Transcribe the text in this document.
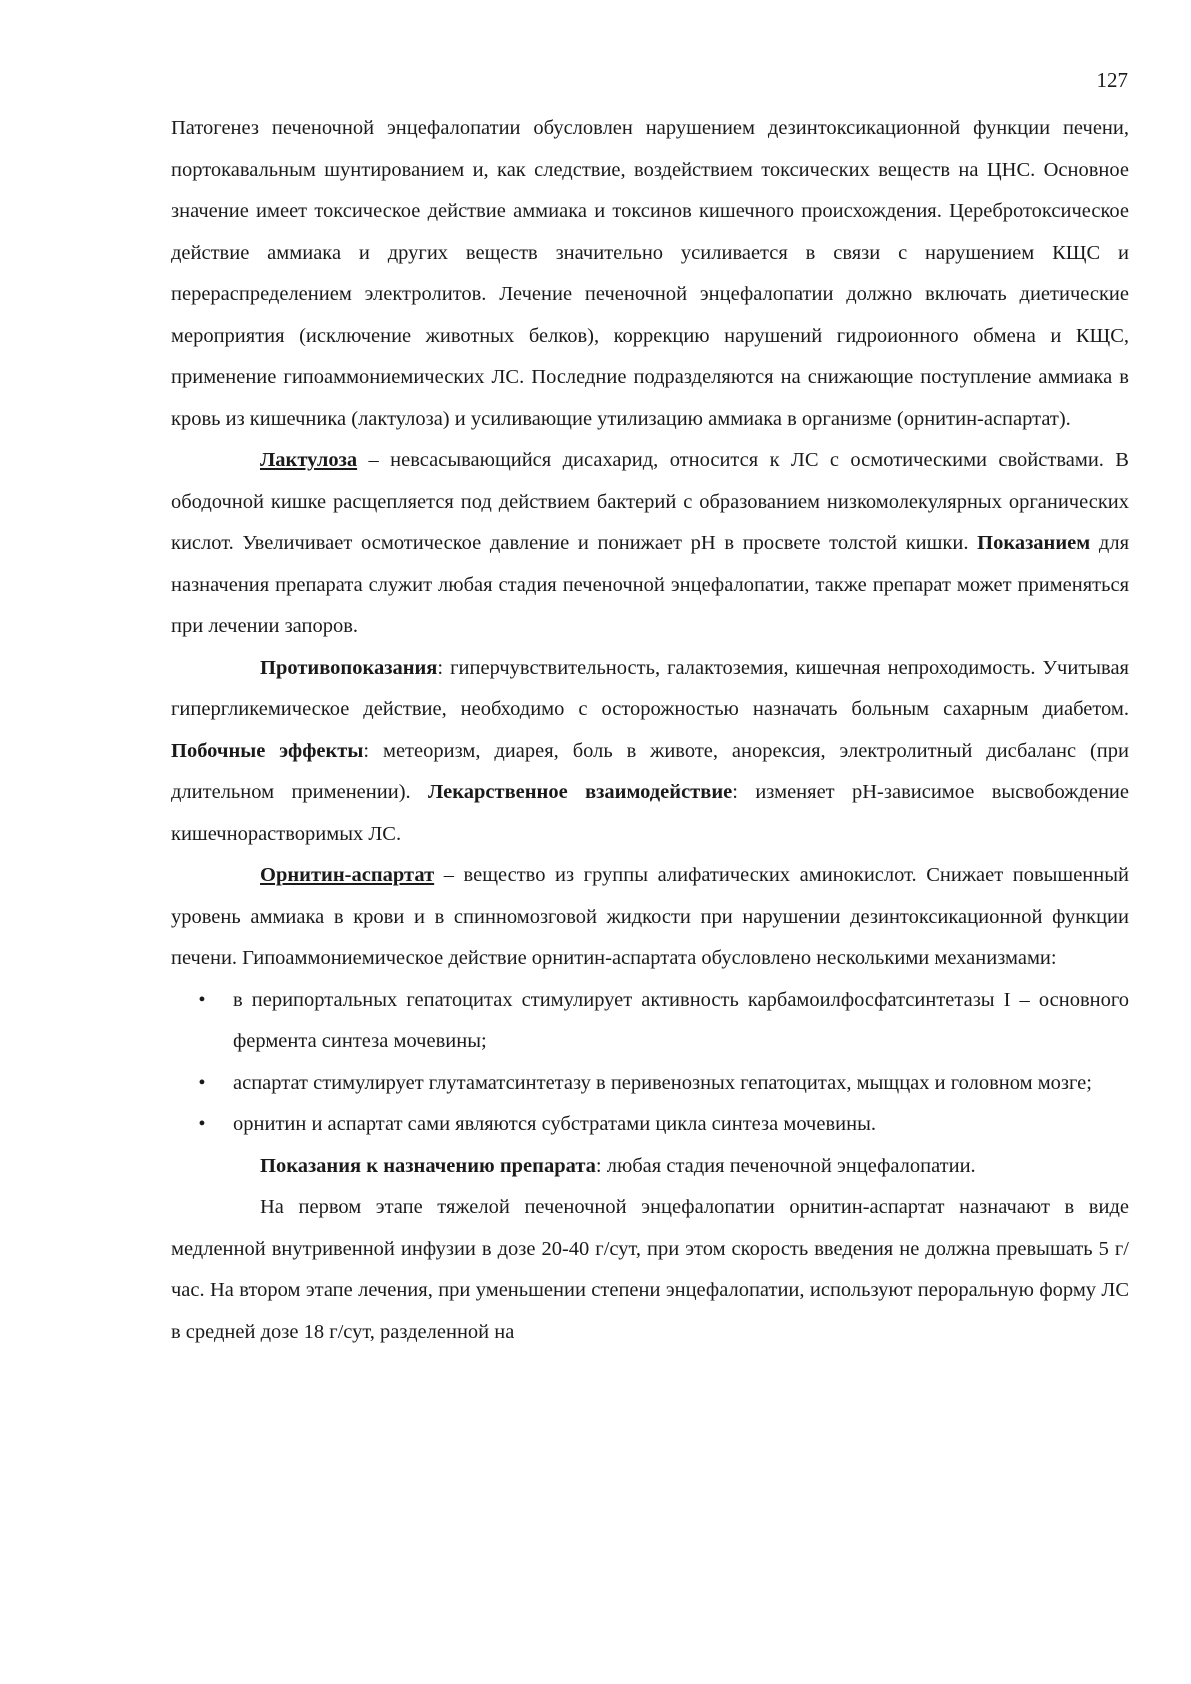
127

Патогенез печеночной энцефалопатии обусловлен нарушением дезинтоксикационной функции печени, портокавальным шунтированием и, как следствие, воздействием токсических веществ на ЦНС. Основное значение имеет токсическое действие аммиака и токсинов кишечного происхождения. Церебротоксическое действие аммиака и других веществ значительно усиливается в связи с нарушением КЩС и перераспределением электролитов. Лечение печеночной энцефалопатии должно включать диетические мероприятия (исключение животных белков), коррекцию нарушений гидроионного обмена и КЩС, применение гипоаммониемических ЛС. Последние подразделяются на снижающие поступление аммиака в кровь из кишечника (лактулоза) и усиливающие утилизацию аммиака в организме (орнитин-аспартат).

Лактулоза – невсасывающийся дисахарид, относится к ЛС с осмотическими свойствами. В ободочной кишке расщепляется под действием бактерий с образованием низкомолекулярных органических кислот. Увеличивает осмотическое давление и понижает pH в просвете толстой кишки. Показанием для назначения препарата служит любая стадия печеночной энцефалопатии, также препарат может применяться при лечении запоров.

Противопоказания: гиперчувствительность, галактоземия, кишечная непроходимость. Учитывая гипергликемическое действие, необходимо с осторожностью назначать больным сахарным диабетом. Побочные эффекты: метеоризм, диарея, боль в животе, анорексия, электролитный дисбаланс (при длительном применении). Лекарственное взаимодействие: изменяет pH-зависимое высвобождение кишечнорастворимых ЛС.

Орнитин-аспартат – вещество из группы алифатических аминокислот. Снижает повышенный уровень аммиака в крови и в спинномозговой жидкости при нарушении дезинтоксикационной функции печени. Гипоаммониемическое действие орнитин-аспартата обусловлено несколькими механизмами:

• в перипортальных гепатоцитах стимулирует активность карбамоилфосфатсинтетазы I – основного фермента синтеза мочевины;
• аспартат стимулирует глутаматсинтетазу в перивенозных гепатоцитах, мыщцах и головном мозге;
• орнитин и аспартат сами являются субстратами цикла синтеза мочевины.

Показания к назначению препарата: любая стадия печеночной энцефалопатии.

На первом этапе тяжелой печеночной энцефалопатии орнитин-аспартат назначают в виде медленной внутривенной инфузии в дозе 20-40 г/сут, при этом скорость введения не должна превышать 5 г/час. На втором этапе лечения, при уменьшении степени энцефалопатии, используют пероральную форму ЛС в средней дозе 18 г/сут, разделенной на
